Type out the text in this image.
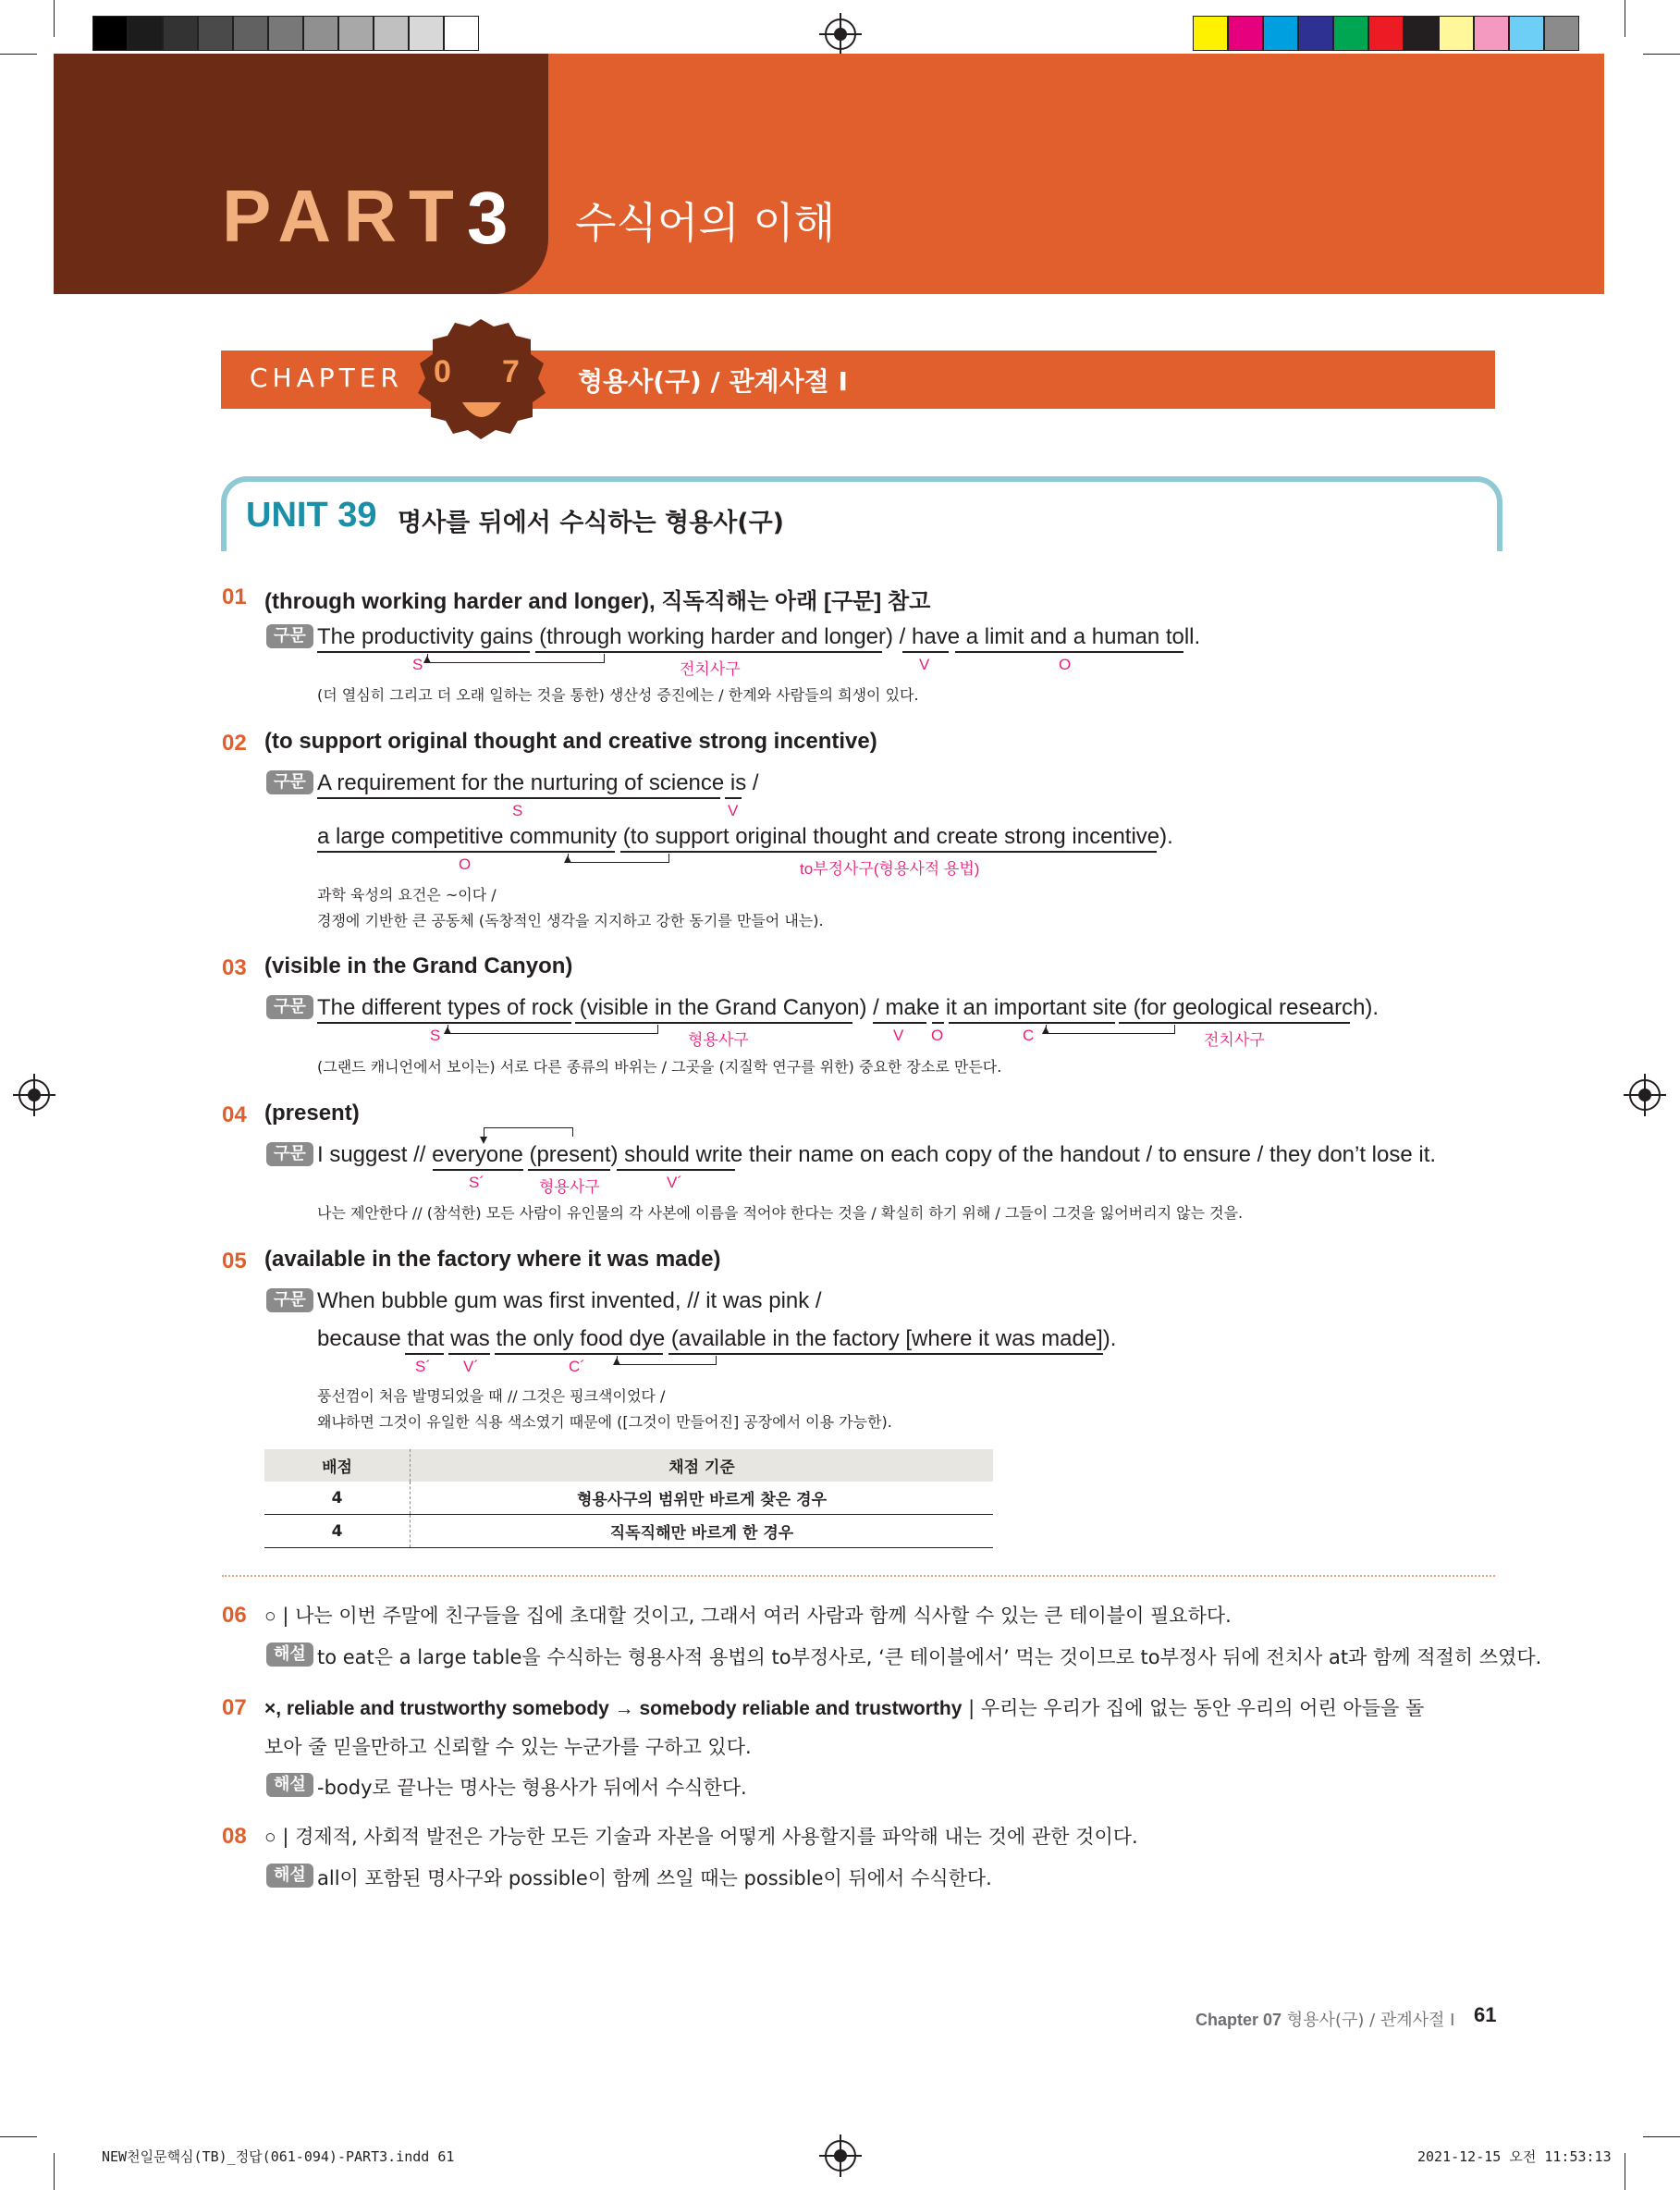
PART 3 수식어의 이해
CHAPTER 0 7 형용사(구) / 관계사절 Ⅰ
UNIT 39 명사를 뒤에서 수식하는 형용사(구)
01 (through working harder and longer), 직독직해는 아래 [구문] 참고
구문 The productivity gains (through working harder and longer) / have a limit and a human toll.
S	전치사구	V	O
(더 열심히 그리고 더 오래 일하는 것을 통한) 생산성 증진에는 / 한계와 사람들의 희생이 있다.
02 (to support original thought and creative strong incentive)
구문 A requirement for the nurturing of science is /
S	V
a large competitive community (to support original thought and create strong incentive).
O	to부정사구(형용사적 용법)
과학 육성의 요건은 ~이다 /
경쟁에 기반한 큰 공동체 (독창적인 생각을 지지하고 강한 동기를 만들어 내는).
03 (visible in the Grand Canyon)
구문 The different types of rock (visible in the Grand Canyon) / make it an important site (for geological research).
S	형용사구	V O	C	전치사구
(그랜드 캐니언에서 보이는) 서로 다른 종류의 바위는 / 그곳을 (지질학 연구를 위한) 중요한 장소로 만든다.
04 (present)
구문 I suggest // everyone (present) should write their name on each copy of the handout / to ensure / they don’t lose it.
S´	형용사구	V´
나는 제안한다 // (참석한) 모든 사람이 유인물의 각 사본에 이름을 적어야 한다는 것을 / 확실히 하기 위해 / 그들이 그것을 잃어버리지 않는 것을.
05 (available in the factory where it was made)
구문 When bubble gum was first invented, // it was pink /
because that was the only food dye (available in the factory [where it was made]).
S´ V´	C´
풍선껌이 처음 발명되었을 때 // 그것은 핑크색이었다 /
왜냐하면 그것이 유일한 식용 색소였기 때문에 ([그것이 만들어진] 공장에서 이용 가능한).
배점	채점 기준
4	형용사구의 범위만 바르게 찾은 경우
4	직독직해만 바르게 한 경우
06 ○ | 나는 이번 주말에 친구들을 집에 초대할 것이고, 그래서 여러 사람과 함께 식사할 수 있는 큰 테이블이 필요하다.
해설 to eat은 a large table을 수식하는 형용사적 용법의 to부정사로, ‘큰 테이블에서’ 먹는 것이므로 to부정사 뒤에 전치사 at과 함께 적절히 쓰였다.
07 ×, reliable and trustworthy somebody → somebody reliable and trustworthy | 우리는 우리가 집에 없는 동안 우리의 어린 아들을 돌
보아 줄 믿을만하고 신뢰할 수 있는 누군가를 구하고 있다.
해설 -body로 끝나는 명사는 형용사가 뒤에서 수식한다.
08 ○ | 경제적, 사회적 발전은 가능한 모든 기술과 자본을 어떻게 사용할지를 파악해 내는 것에 관한 것이다.
해설 all이 포함된 명사구와 possible이 함께 쓰일 때는 possible이 뒤에서 수식한다.
Chapter 07 형용사(구) / 관계사절 Ⅰ 61
NEW천일문핵심(TB)_정답(061-094)-PART3.indd 61	2021-12-15 오전 11:53:13
